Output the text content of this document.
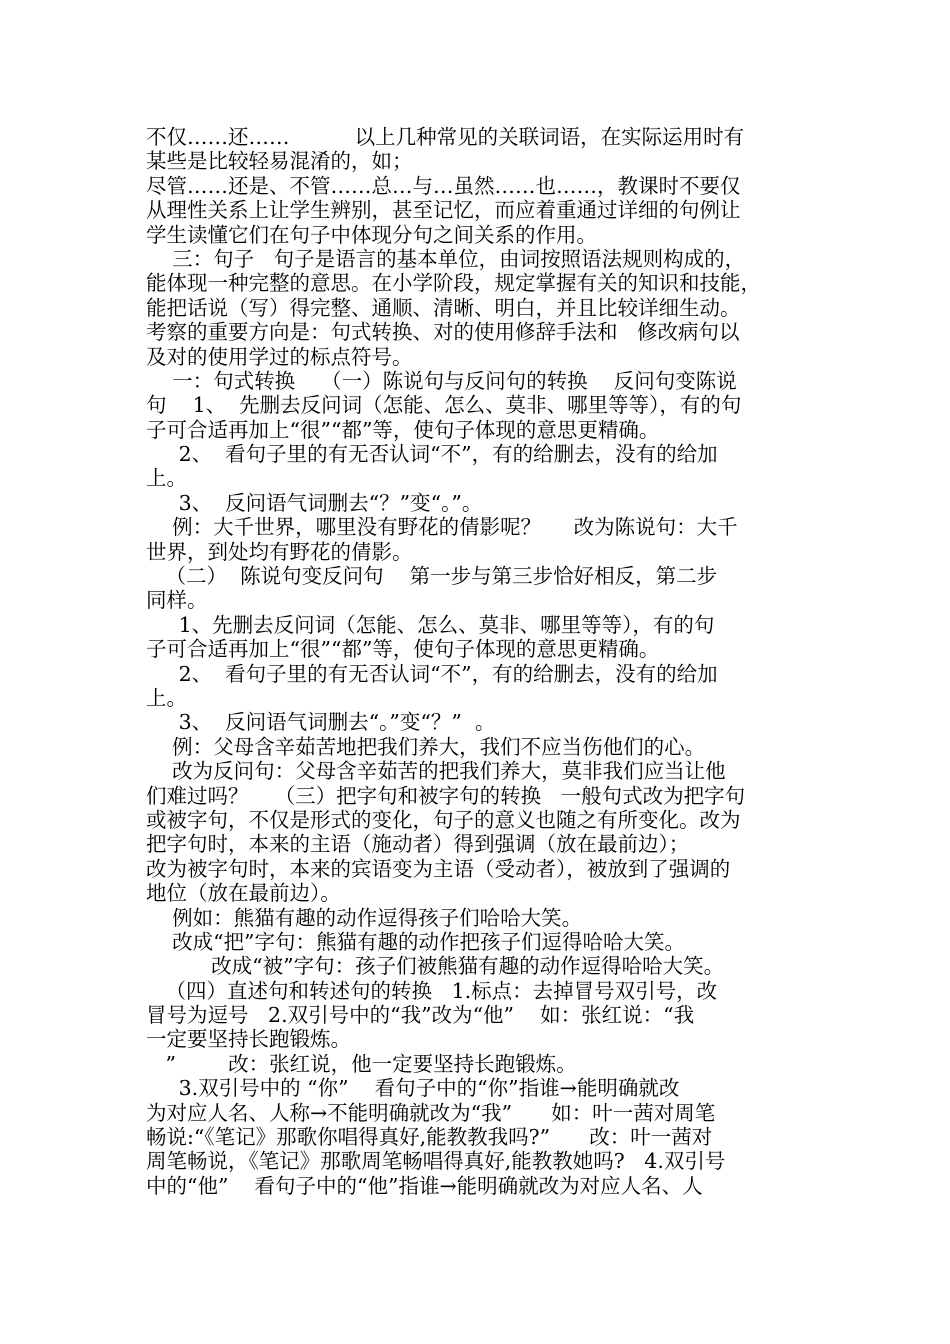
不仅……还……          以上几种常见的关联词语，在实际运用时有
某些是比较轻易混淆的，如；
尽管……还是、不管……总…与…虽然……也……，教课时不要仅
从理性关系上让学生辨别，甚至记忆，而应着重通过详细的句例让
学生读懂它们在句子中体现分句之间关系的作用。
三：句子   句子是语言的基本单位，由词按照语法规则构成的，
能体现一种完整的意思。在小学阶段，规定掌握有关的知识和技能，
能把话说（写）得完整、通顺、清晰、明白，并且比较详细生动。
考察的重要方向是：句式转换、对的使用修辞手法和   修改病句以
及对的使用学过的标点符号。
一：句式转换    （一）陈说句与反问句的转换    反问句变陈说
句    1、  先删去反问词（怎能、怎么、莫非、哪里等等），有的句
子可合适再加上“很”“都”等，使句子体现的意思更精确。
2、  看句子里的有无否认词“不”，有的给删去，没有的给加
上。
3、  反问语气词删去“？”变“。”。
例：大千世界，哪里没有野花的倩影呢？     改为陈说句：大千
世界，到处均有野花的倩影。
（二）  陈说句变反问句    第一步与第三步恰好相反，第二步
同样。
1、先删去反问词（怎能、怎么、莫非、哪里等等），有的句
子可合适再加上“很”“都”等，使句子体现的意思更精确。
2、  看句子里的有无否认词“不”，有的给删去，没有的给加
上。
3、  反问语气词删去“。”变“？”  。
例：父母含辛茹苦地把我们养大，我们不应当伤他们的心。
改为反问句：父母含辛茹苦的把我们养大，莫非我们应当让他
们难过吗？    （三）把字句和被字句的转换   一般句式改为把字句
或被字句，不仅是形式的变化，句子的意义也随之有所变化。改为
把字句时，本来的主语（施动者）得到强调（放在最前边）；
改为被字句时，本来的宾语变为主语（受动者），被放到了强调的
地位（放在最前边）。
例如：熊猫有趣的动作逗得孩子们哈哈大笑。
改成“把”字句：熊猫有趣的动作把孩子们逗得哈哈大笑。
改成“被”字句：孩子们被熊猫有趣的动作逗得哈哈大笑。
（四）直述句和转述句的转换   1.标点：去掉冒号双引号，改
冒号为逗号   2.双引号中的“我”改为“他”    如：张红说：“我
一定要坚持长跑锻炼。
”        改：张红说，他一定要坚持长跑锻炼。
3.双引号中的 “你”    看句子中的“你”指谁→能明确就改
为对应人名、人称→不能明确就改为“我”      如：叶一茜对周笔
畅说:“《笔记》那歌你唱得真好,能教教我吗?”      改：叶一茜对
周笔畅说，《笔记》那歌周笔畅唱得真好,能教教她吗?   4.双引号
中的“他”    看句子中的“他”指谁→能明确就改为对应人名、人
